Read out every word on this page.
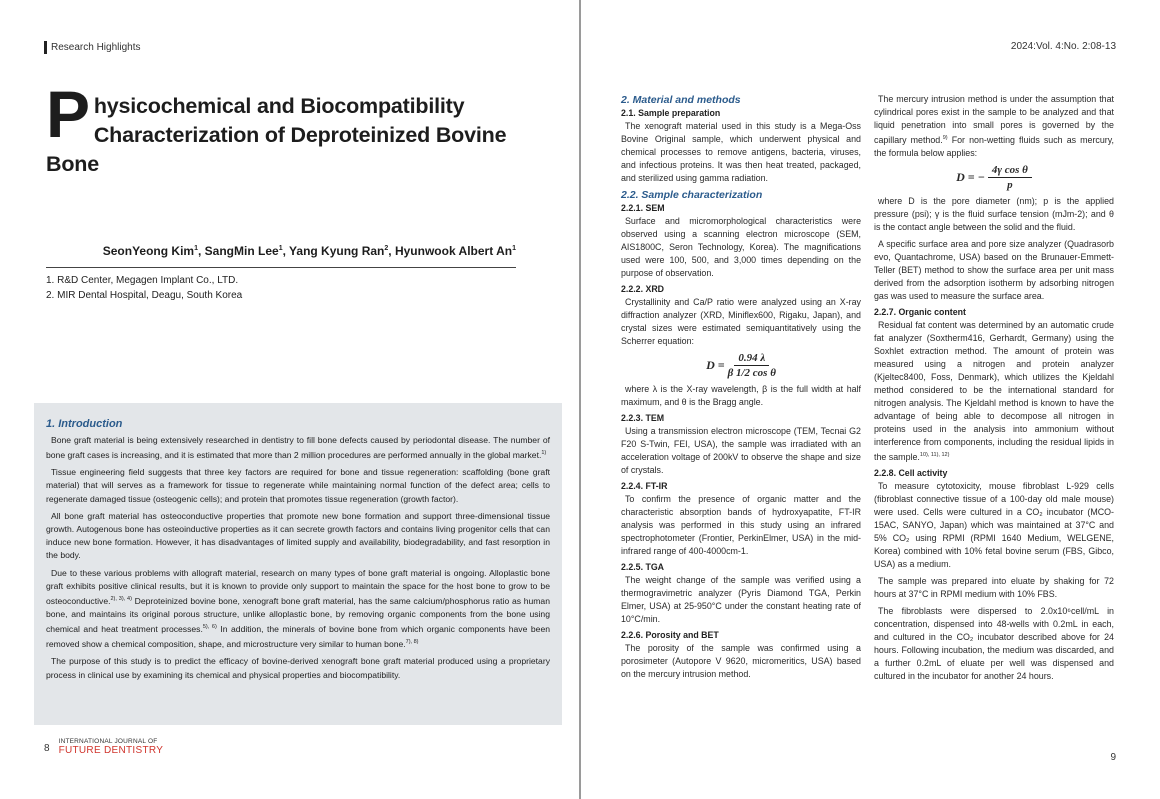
Research Highlights
Physicochemical and Biocompatibility Characterization of Deproteinized Bovine Bone
SeonYeong Kim$^1$, SangMin Lee$^1$, Yang Kyung Ran$^2$, Hyunwook Albert An$^1$
1. R&D Center, Megagen Implant Co., LTD.
2. MIR Dental Hospital, Deagu, South Korea
1. Introduction

Bone graft material is being extensively researched in dentistry to fill bone defects caused by periodontal disease. The number of bone graft cases is increasing, and it is estimated that more than 2 million procedures are performed annually in the global market.$^{1)}$

Tissue engineering field suggests that three key factors are required for bone and tissue regeneration: scaffolding (bone graft material) that will serves as a framework for tissue to regenerate while maintaining normal function of the defect area; cells to regenerate damaged tissue (osteogenic cells); and protein that promotes tissue regeneration (growth factor).

All bone graft material has osteoconductive properties that promote new bone formation and support three-dimensional tissue growth. Autogenous bone has osteoinductive properties as it can secrete growth factors and contains living progenitor cells that can induce new bone formation. However, it has disadvantages of limited supply and availability, biodegradability, and fast resorption in the body.

Due to these various problems with allograft material, research on many types of bone graft material is ongoing. Alloplastic bone graft exhibits positive clinical results, but it is known to provide only support to maintain the space for the host bone to grow to be osteoconductive.$^{2), 3), 4)}$ Deproteinized bovine bone, xenograft bone graft material, has the same calcium/phosphorus ratio as human bone, and maintains its original porous structure, unlike alloplastic bone, by removing organic components from the bone using chemical and heat treatment processes.$^{5), 6)}$ In addition, the minerals of bovine bone from which organic components have been removed show a chemical composition, shape, and microstructure very similar to human bone.$^{7), 8)}$

The purpose of this study is to predict the efficacy of bovine-derived xenograft bone graft material produced using a proprietary process in clinical use by examining its chemical and physical properties and biocompatibility.

8
INTERNATIONAL JOURNAL OF
FUTURE DENTISTRY
2024:Vol. 4:No. 2:08-13
2. Material and methods
2.1. Sample preparation

The xenograft material used in this study is a Mega-Oss Bovine Original sample, which underwent physical and chemical processes to remove antigens, bacteria, viruses, and infectious proteins. It was then heat treated, packaged, and sterilized using gamma radiation.

2.2. Sample characterization
2.2.1. SEM

Surface and micromorphological characteristics were observed using a scanning electron microscope (SEM, AIS1800C, Seron Technology, Korea). The magnifications used were 100, 500, and 3,000 times depending on the purpose of observation.

2.2.2. XRD

Crystallinity and Ca/P ratio were analyzed using an X-ray diffraction analyzer (XRD, Miniflex600, Rigaku, Japan), and crystal sizes were estimated semiquantitatively using the Scherrer equation:

$D = \frac{0.94 \lambda}{\text{β 1/2 cos θ}}$

where λ is the X-ray wavelength, β is the full width at half maximum, and θ is the Bragg angle.

2.2.3. TEM

Using a transmission electron microscope (TEM, Tecnai G2 F20 S-Twin, FEI, USA), the sample was irradiated with an acceleration voltage of 200kV to observe the shape and size of crystals.

2.2.4. FT-IR

To confirm the presence of organic matter and the characteristic absorption bands of hydroxyapatite, FT-IR analysis was performed in this study using an infrared spectrophotometer (Frontier, PerkinElmer, USA) in the mid-infrared range of 400-4000cm-1.

2.2.5. TGA

The weight change of the sample was verified using a thermogravimetric analyzer (Pyris Diamond TGA, Perkin Elmer, USA) at 25-950°C under the constant heating rate of 10°C/min.

2.2.6. Porosity and BET

The porosity of the sample was confirmed using a porosimeter (Autopore V 9620, micromeritics, USA) based on the mercury intrusion method.

The mercury intrusion method is under the assumption that cylindrical pores exist in the sample to be analyzed and that liquid penetration into small pores is governed by the capillary method.$^{9)}$ For non-wetting fluids such as mercury, the formula below applies:

D = − $\frac{\text{4γ cos θ}}{p}$

where D is the pore diameter (nm); p is the applied pressure (psi); γ is the fluid surface tension (mJm-2); and θ is the contact angle between the solid and the fluid.

A specific surface area and pore size analyzer (Quadrasorb evo, Quantachrome, USA) based on the Brunauer-Emmett-Teller (BET) method to show the surface area per unit mass derived from the adsorption isotherm by adsorbing nitrogen gas was used to measure the surface area.

2.2.7. Organic content

Residual fat content was determined by an automatic crude fat analyzer (Soxtherm416, Gerhardt, Germany) using the Soxhlet extraction method. The amount of protein was measured using a nitrogen and protein analyzer (Kjeltec8400, Foss, Denmark), which utilizes the Kjeldahl method considered to be the international standard for nitrogen analysis. The Kjeldahl method is known to have the advantage of being able to decompose all nitrogen in proteins used in the analysis into ammonium without interference from components, including the residual lipids in the sample.$^{10), 11), 12)}$

2.2.8. Cell activity

To measure cytotoxicity, mouse fibroblast L-929 cells (fibroblast connective tissue of a 100-day old male mouse) were used. Cells were cultured in a CO₂ incubator (MCO-15AC, SANYO, Japan) which was maintained at 37°C and 5% CO₂ using RPMI (RPMI 1640 Medium, WELGENE, Korea) combined with 10% fetal bovine serum (FBS, Gibco, USA) as a medium.

The sample was prepared into eluate by shaking for 72 hours at 37°C in RPMI medium with 10% FBS.

The fibroblasts were dispersed to 2.0x10⁶cell/mL in concentration, dispensed into 48-wells with 0.2mL in each, and cultured in the CO₂ incubator described above for 24 hours. Following incubation, the medium was discarded, and a further 0.2mL of eluate per well was dispensed and cultured in the incubator for another 24 hours.

9
